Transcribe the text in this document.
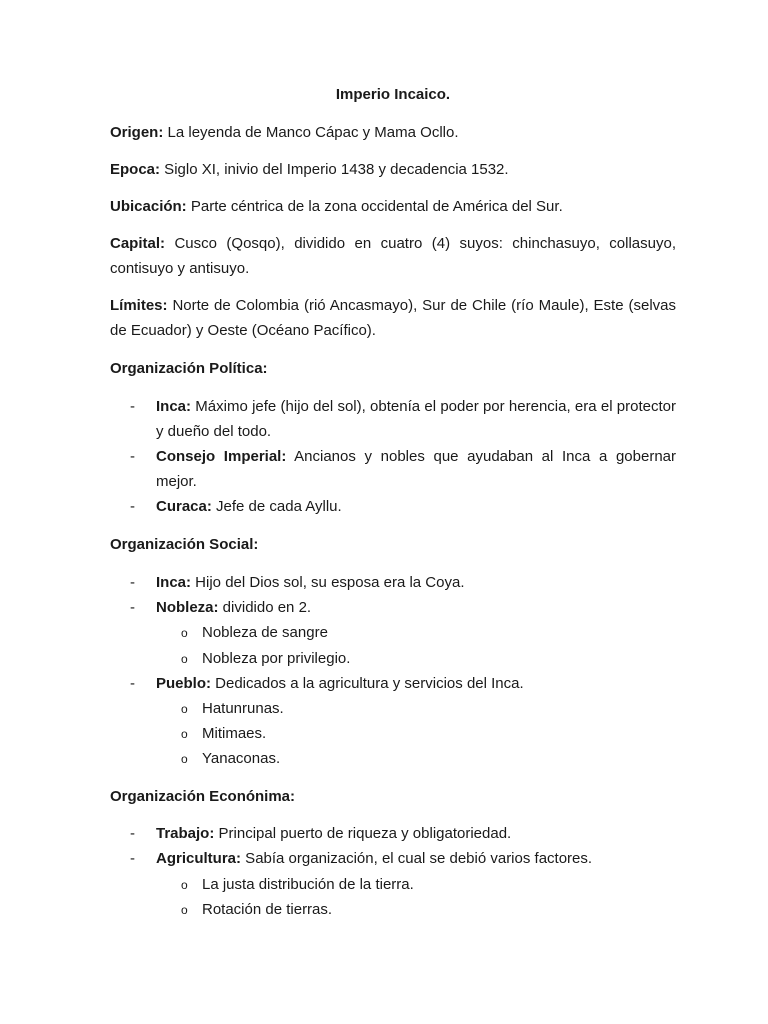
Imperio Incaico.

Origen: La leyenda de Manco Cápac y Mama Ocllo.

Epoca: Siglo XI, inivio del Imperio 1438 y decadencia 1532.

Ubicación: Parte céntrica de la zona occidental de América del Sur.

Capital: Cusco (Qosqo), dividido en cuatro (4) suyos: chinchasuyo, collasuyo, contisuyo y antisuyo.

Límites: Norte de Colombia (rió Ancasmayo), Sur de Chile (río Maule), Este (selvas de Ecuador) y Oeste (Océano Pacífico).

Organización Política:
- Inca: Máximo jefe (hijo del sol), obtenía el poder por herencia, era el protector y dueño del todo.
- Consejo Imperial: Ancianos y nobles que ayudaban al Inca a gobernar mejor.
- Curaca: Jefe de cada Ayllu.
Organización Social:
- Inca: Hijo del Dios sol, su esposa era la Coya.
- Nobleza: dividido en 2.
o Nobleza de sangre
o Nobleza por privilegio.
- Pueblo: Dedicados a la agricultura y servicios del Inca.
o Hatunrunas.
o Mitimaes.
o Yanaconas.
Organización Econónima:
- Trabajo: Principal puerto de riqueza y obligatoriedad.
- Agricultura: Sabía organización, el cual se debió varios factores.
o La justa distribución de la tierra.
o Rotación de tierras.
